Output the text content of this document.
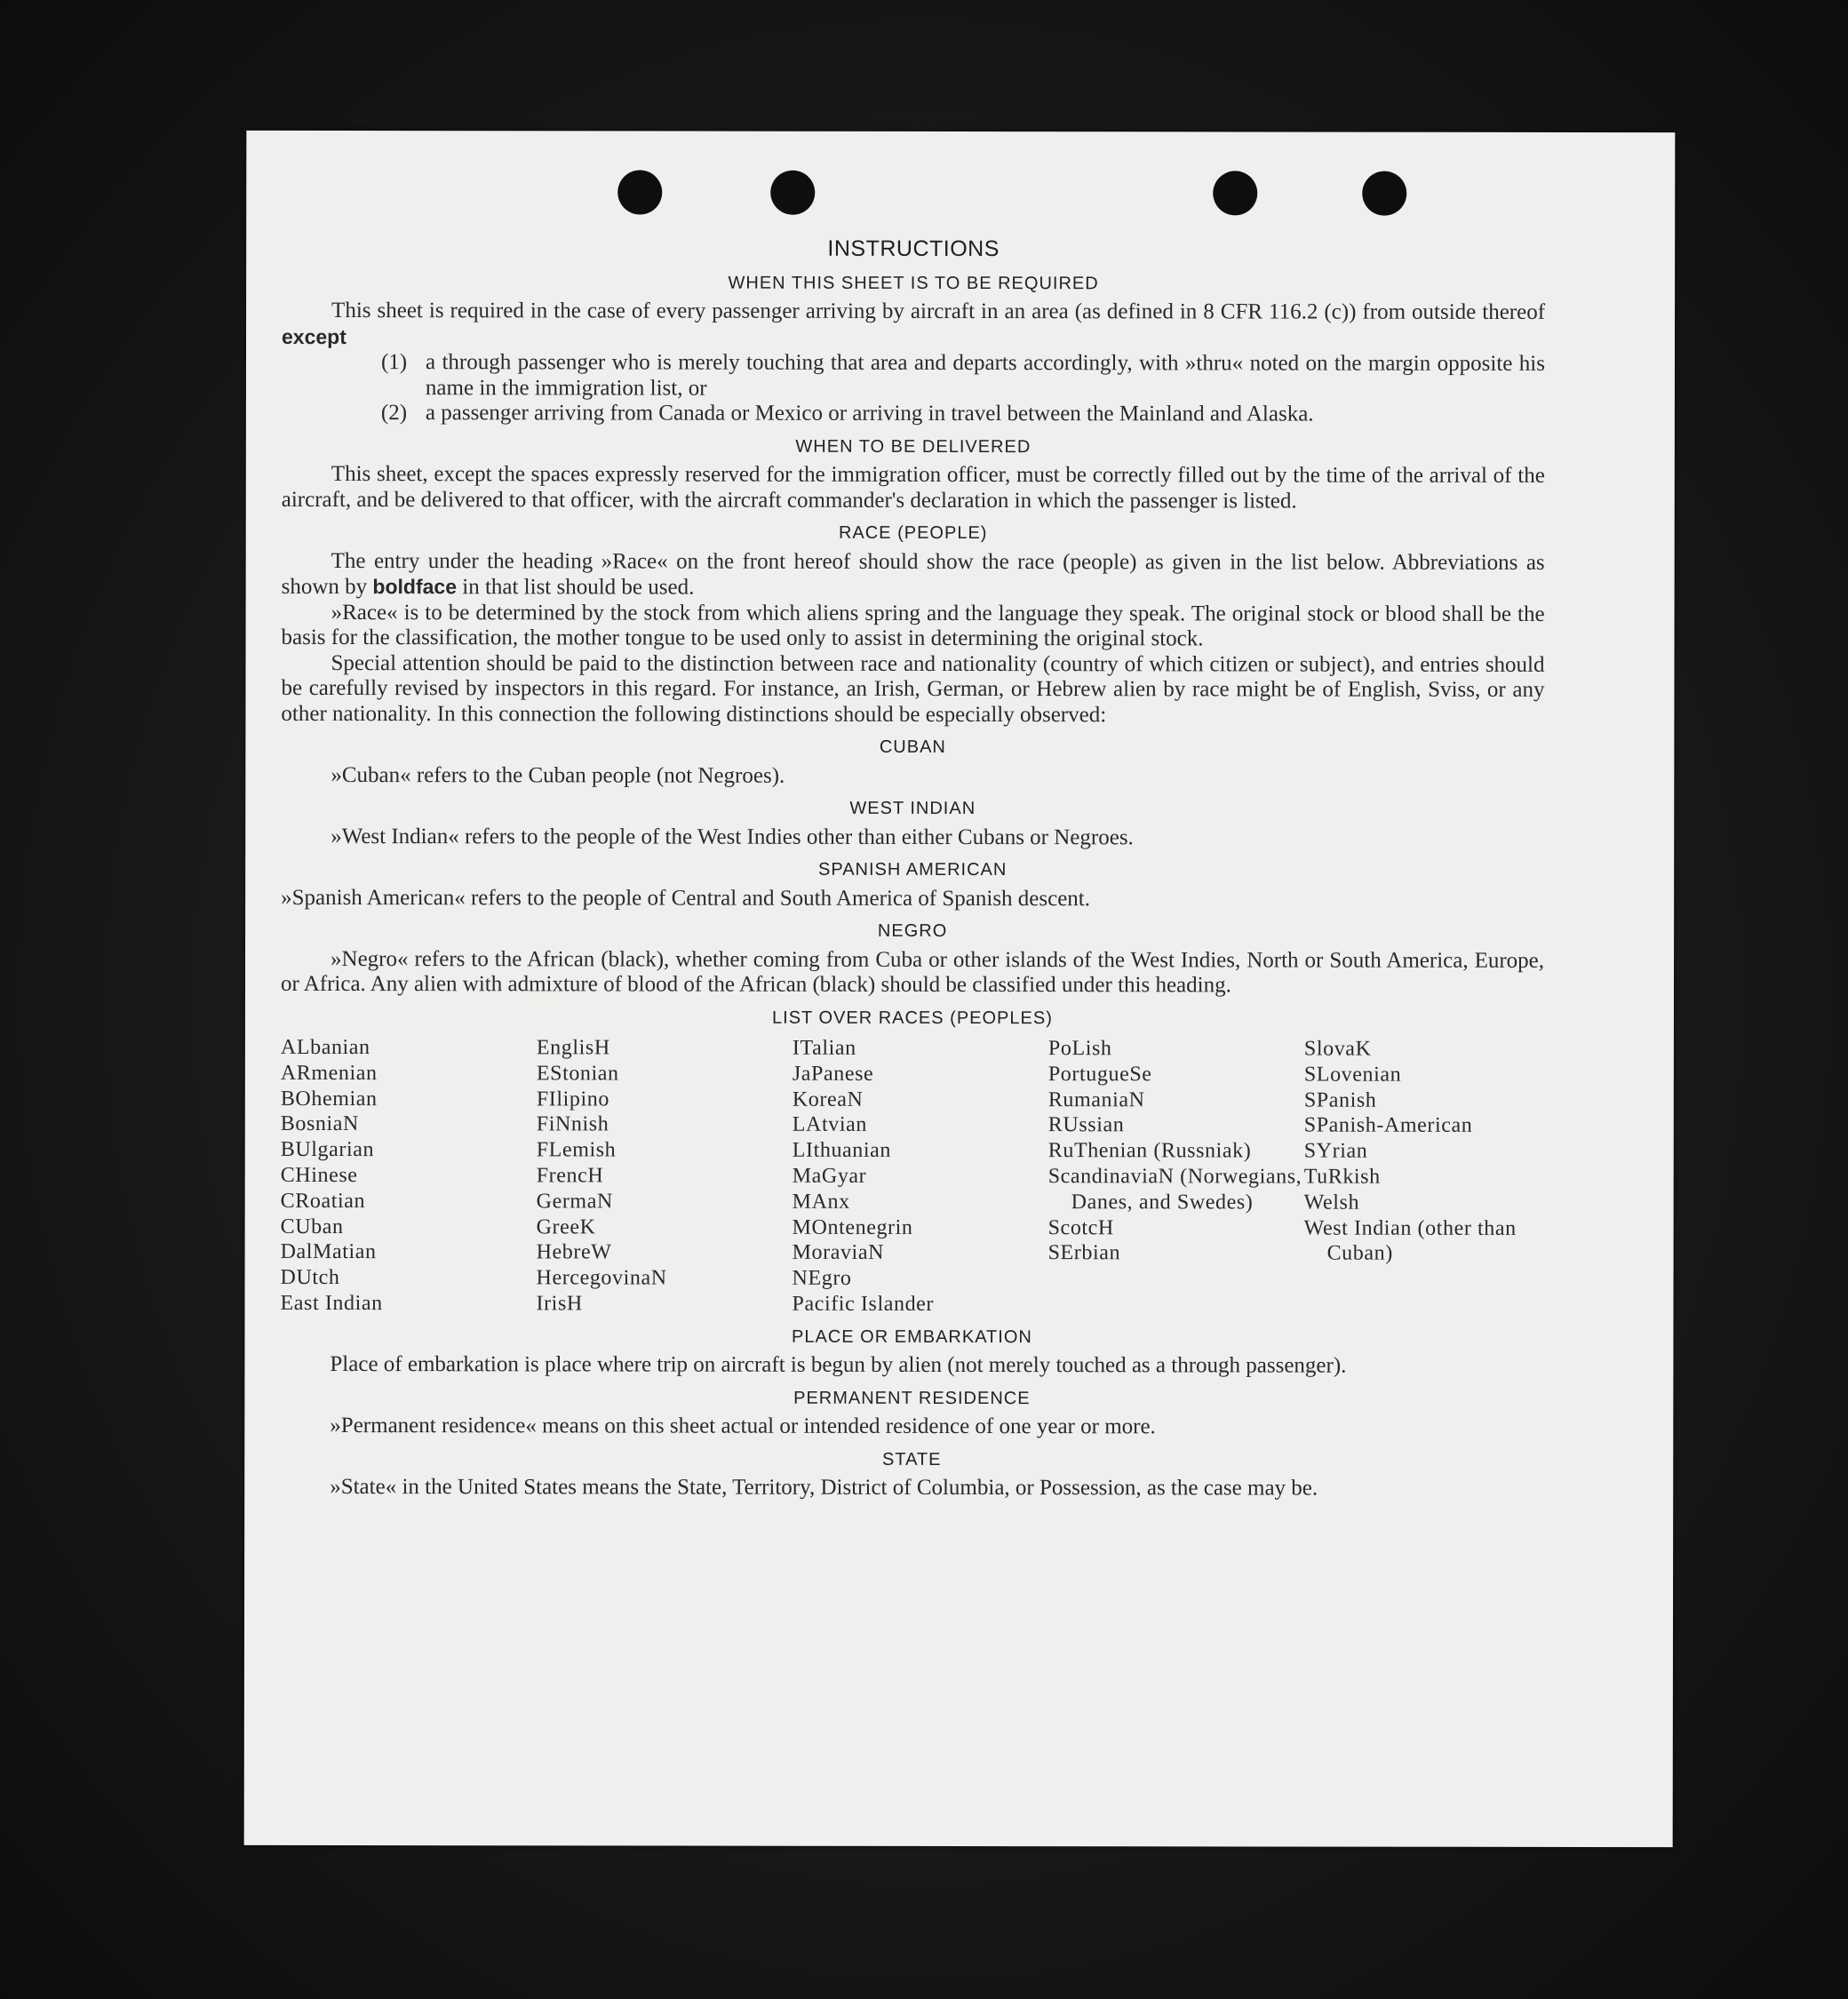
INSTRUCTIONS
WHEN THIS SHEET IS TO BE REQUIRED

This sheet is required in the case of every passenger arriving by aircraft in an area (as defined in 8 CFR 116.2 (c)) from outside thereof except

(1) a through passenger who is merely touching that area and departs accordingly, with »thru« noted on the margin opposite his name in the immigration list, or
(2) a passenger arriving from Canada or Mexico or arriving in travel between the Mainland and Alaska.
WHEN TO BE DELIVERED

This sheet, except the spaces expressly reserved for the immigration officer, must be correctly filled out by the time of the arrival of the aircraft, and be delivered to that officer, with the aircraft commander's declaration in which the passenger is listed.

RACE (PEOPLE)

The entry under the heading »Race« on the front hereof should show the race (people) as given in the list below. Abbreviations as shown by boldface in that list should be used.

»Race« is to be determined by the stock from which aliens spring and the language they speak. The original stock or blood shall be the basis for the classification, the mother tongue to be used only to assist in determining the original stock.

Special attention should be paid to the distinction between race and nationality (country of which citizen or subject), and entries should be carefully revised by inspectors in this regard. For instance, an Irish, German, or Hebrew alien by race might be of English, Sviss, or any other nationality. In this connection the following distinctions should be especially observed:

CUBAN

»Cuban« refers to the Cuban people (not Negroes).

WEST INDIAN

»West Indian« refers to the people of the West Indies other than either Cubans or Negroes.

SPANISH AMERICAN

»Spanish American« refers to the people of Central and South America of Spanish descent.

NEGRO

»Negro« refers to the African (black), whether coming from Cuba or other islands of the West Indies, North or South America, Europe, or Africa. Any alien with admixture of blood of the African (black) should be classified under this heading.

LIST OVER RACES (PEOPLES)
ALbanian
ARmenian
BOhemian
BosniaN
BUlgarian
CHinese
CRoatian
CUban
DalMatian
DUtch
East Indian
EnglisH
EStonian
FIlipino
FiNnish
FLemish
FrencH
GermaN
GreeK
HebreW
HercegovinaN
IrisH
ITalian
JaPanese
KoreaN
LAtvian
LIthuanian
MaGyar
MAnx
MOntenegrin
MoraviaN
NEgro
Pacific Islander
PoLish
PortugueSe
RumaniaN
RUssian
RuThenian (Russniak)
ScandinaviaN (Norwegians, Danes, and Swedes)
ScotcH
SErbian
SlovaK
SLovenian
SPanish
SPanish-American
SYrian
TuRkish
Welsh
West Indian (other than Cuban)
PLACE OR EMBARKATION

Place of embarkation is place where trip on aircraft is begun by alien (not merely touched as a through passenger).

PERMANENT RESIDENCE

»Permanent residence« means on this sheet actual or intended residence of one year or more.

STATE

»State« in the United States means the State, Territory, District of Columbia, or Possession, as the case may be.
